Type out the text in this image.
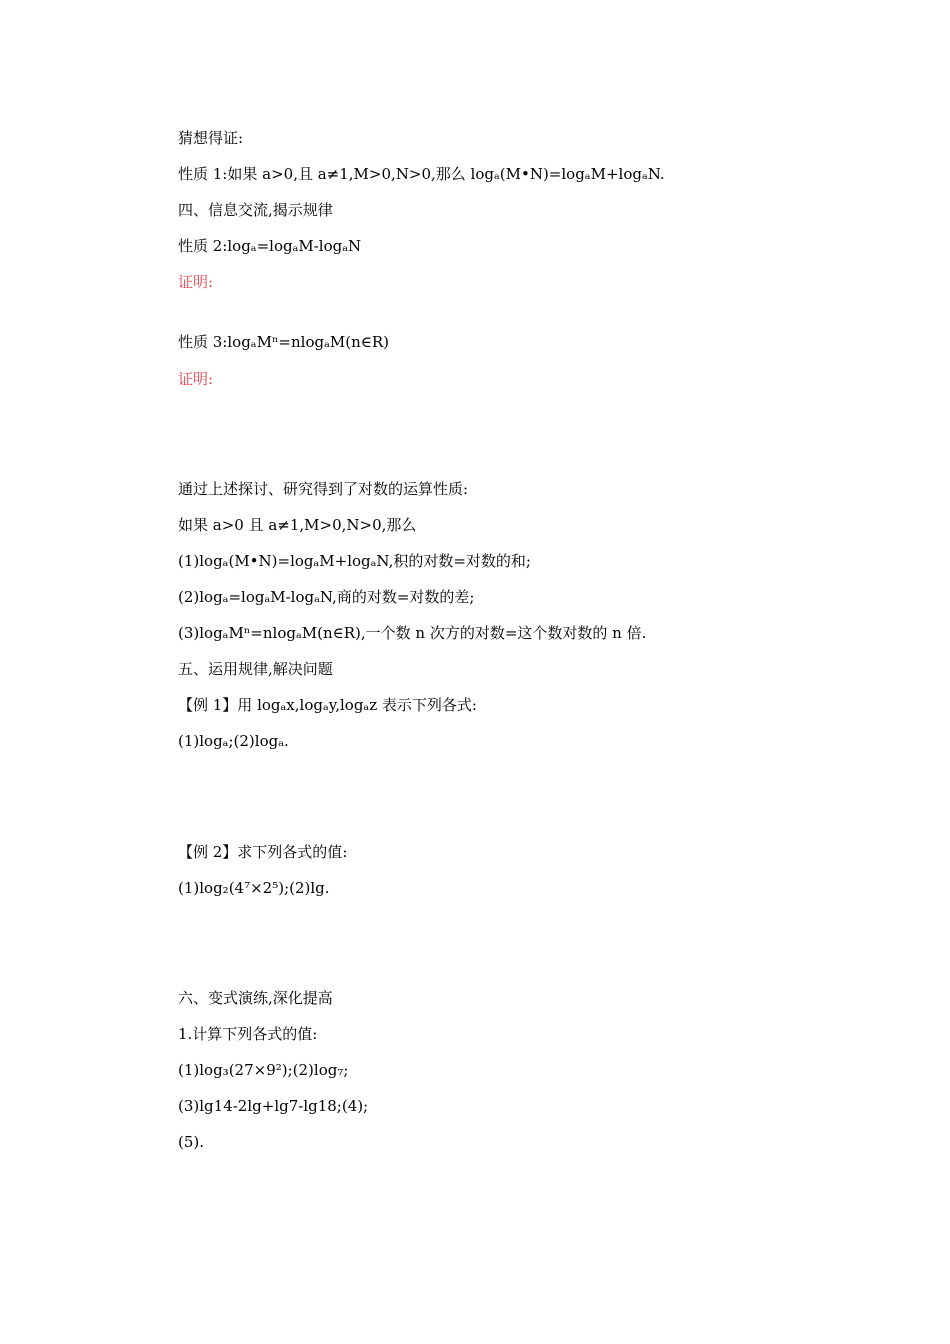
猜想得证:
性质 1:如果 a>0,且 a≠1,M>0,N>0,那么 logₐ(M•N)=logₐM+logₐN.
四、信息交流,揭示规律
性质 2:logₐ=logₐM-logₐN
证明:
性质 3:logₐMⁿ=nlogₐM(n∈R)
证明:
通过上述探讨、研究得到了对数的运算性质:
如果 a>0 且 a≠1,M>0,N>0,那么
(1)logₐ(M•N)=logₐM+logₐN,积的对数=对数的和;
(2)logₐ=logₐM-logₐN,商的对数=对数的差;
(3)logₐMⁿ=nlogₐM(n∈R),一个数 n 次方的对数=这个数对数的 n 倍.
五、运用规律,解决问题
【例 1】用 logₐx,logₐy,logₐz 表示下列各式:
(1)logₐ;(2)logₐ.
【例 2】求下列各式的值:
(1)log₂(4⁷×2⁵);(2)lg.
六、变式演练,深化提高
1.计算下列各式的值:
(1)log₃(27×9²);(2)log₇;
(3)lg14-2lg+lg7-lg18;(4);
(5).
